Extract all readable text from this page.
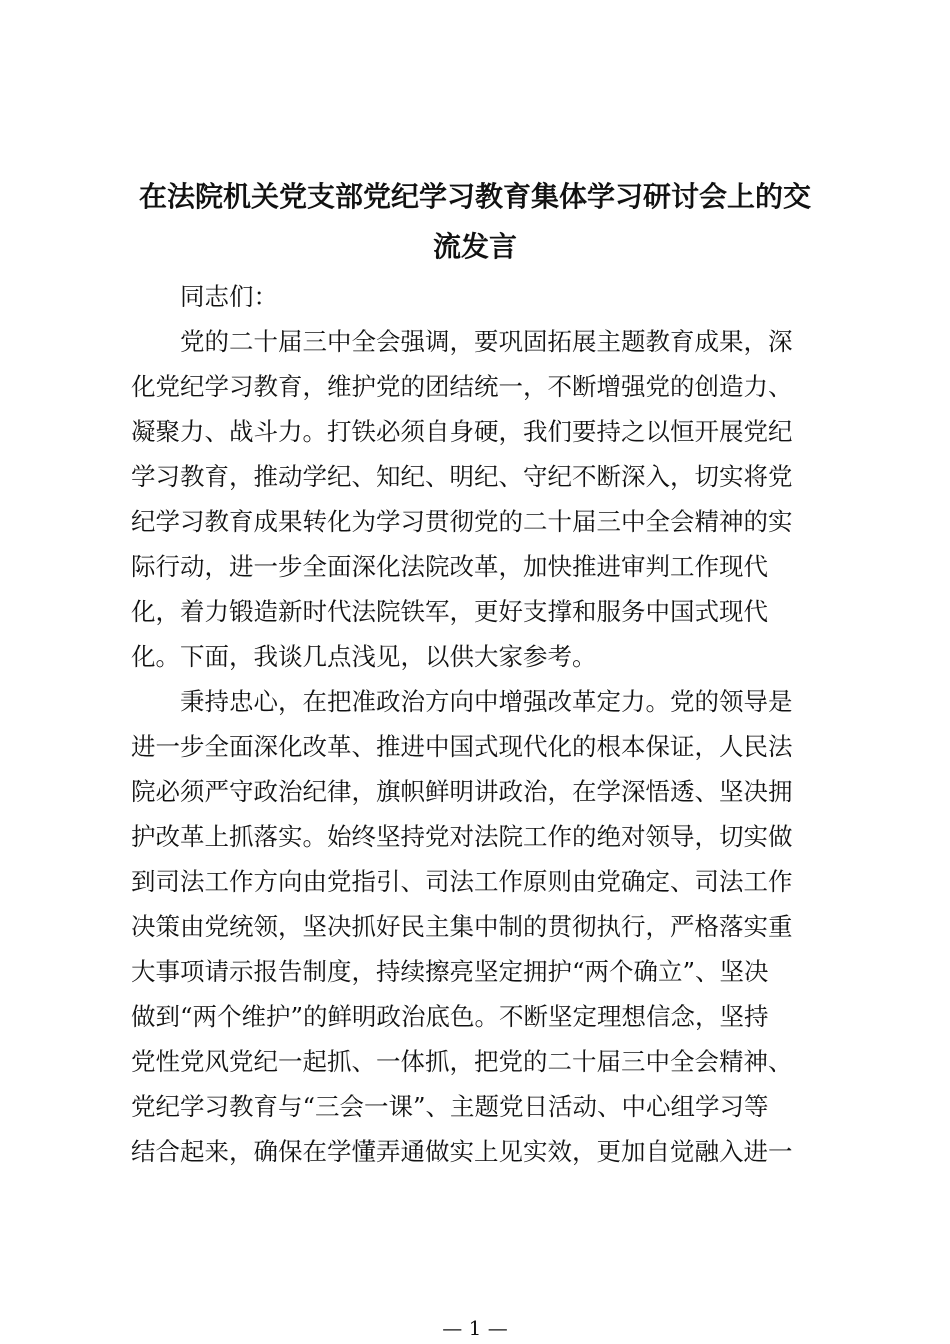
在法院机关党支部党纪学习教育集体学习研讨会上的交
流发言
同志们：
党的二十届三中全会强调，要巩固拓展主题教育成果，深
化党纪学习教育，维护党的团结统一，不断增强党的创造力、
凝聚力、战斗力。打铁必须自身硬，我们要持之以恒开展党纪
学习教育，推动学纪、知纪、明纪、守纪不断深入，切实将党
纪学习教育成果转化为学习贯彻党的二十届三中全会精神的实
际行动，进一步全面深化法院改革，加快推进审判工作现代
化，着力锻造新时代法院铁军，更好支撑和服务中国式现代
化。下面，我谈几点浅见，以供大家参考。
秉持忠心，在把准政治方向中增强改革定力。党的领导是
进一步全面深化改革、推进中国式现代化的根本保证，人民法
院必须严守政治纪律，旗帜鲜明讲政治，在学深悟透、坚决拥
护改革上抓落实。始终坚持党对法院工作的绝对领导，切实做
到司法工作方向由党指引、司法工作原则由党确定、司法工作
决策由党统领，坚决抓好民主集中制的贯彻执行，严格落实重
大事项请示报告制度，持续擦亮坚定拥护“两个确立”、坚决
做到“两个维护”的鲜明政治底色。不断坚定理想信念，坚持
党性党风党纪一起抓、一体抓，把党的二十届三中全会精神、
党纪学习教育与“三会一课”、主题党日活动、中心组学习等
结合起来，确保在学懂弄通做实上见实效，更加自觉融入进一
— 1 —
